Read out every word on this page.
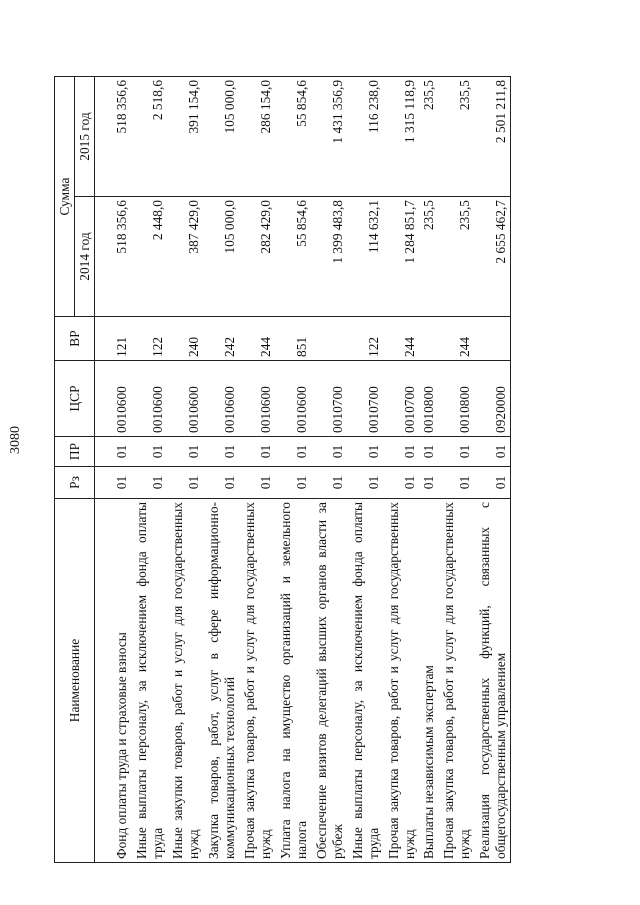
3080
Наименование	Рз	ПР	ЦСР	ВР	Сумма	
					2014 год	2015 год
Фонд оплаты труда и страховые взносы	01	01	0010600	121	518 356,6	518 356,6
Иные выплаты персоналу, за исключением фонда оплаты труда	01	01	0010600	122	2 448,0	2 518,6
Иные закупки товаров, работ и услуг для государственных нужд	01	01	0010600	240	387 429,0	391 154,0
Закупка товаров, работ, услуг в сфере информационно-коммуникационных технологий	01	01	0010600	242	105 000,0	105 000,0
Прочая закупка товаров, работ и услуг для государственных нужд	01	01	0010600	244	282 429,0	286 154,0
Уплата налога на имущество организаций и земельного налога	01	01	0010600	851	55 854,6	55 854,6
Обеспечение визитов делегаций высших органов власти за рубеж	01	01	0010700		1 399 483,8	1 431 356,9
Иные выплаты персоналу, за исключением фонда оплаты труда	01	01	0010700	122	114 632,1	116 238,0
Прочая закупка товаров, работ и услуг для государственных нужд	01	01	0010700	244	1 284 851,7	1 315 118,9
Выплаты независимым экспертам	01	01	0010800		235,5	235,5
Прочая закупка товаров, работ и услуг для государственных нужд	01	01	0010800	244	235,5	235,5
Реализация государственных функций, связанных с общегосударственным управлением	01	01	0920000		2 655 462,7	2 501 211,8
